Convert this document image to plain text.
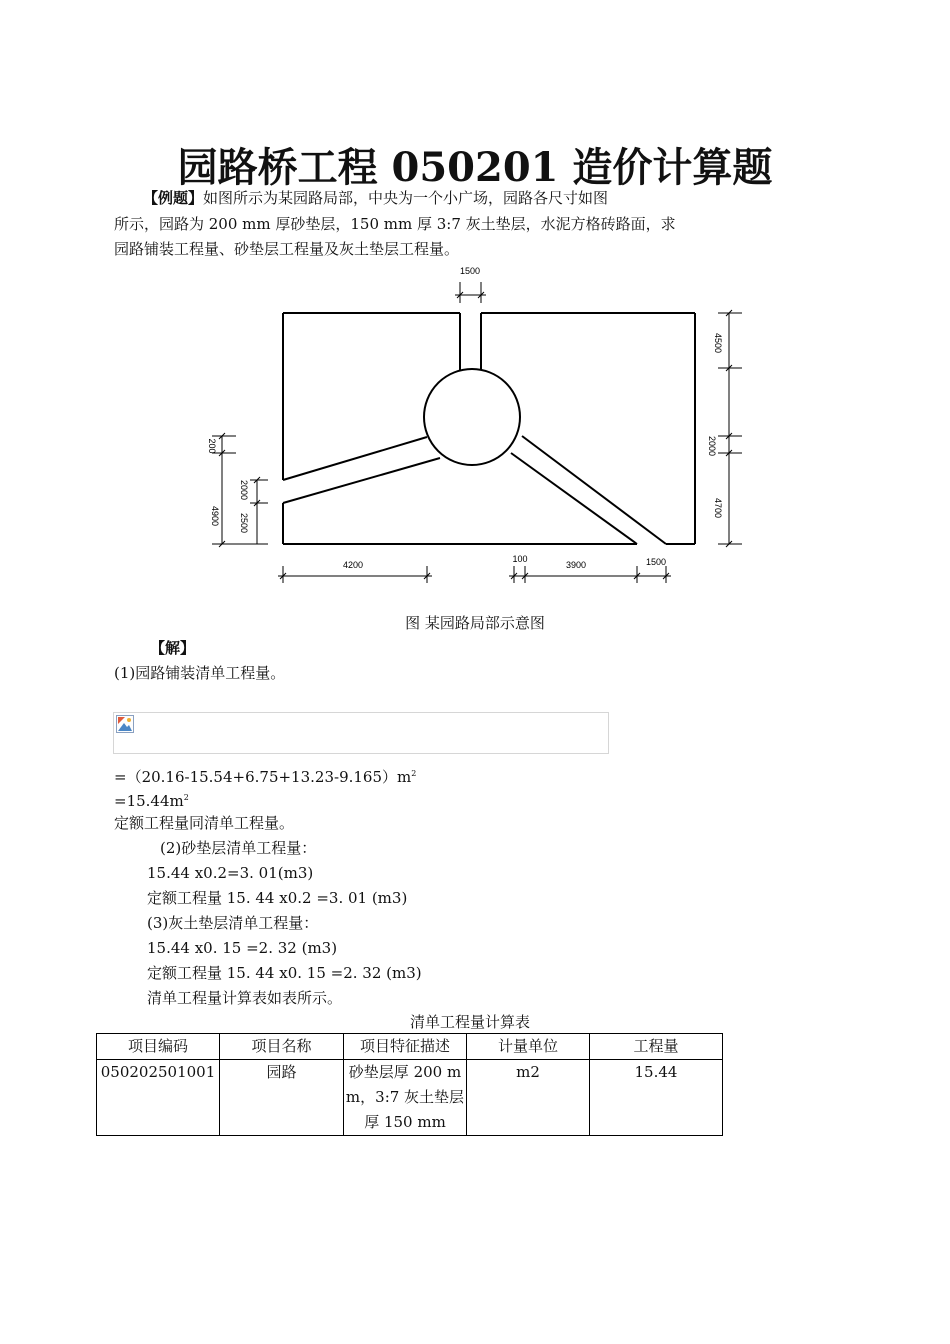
园路桥工程 050201 造价计算题
【例题】如图所示为某园路局部，中央为一个小广场，园路各尺寸如图
所示，园路为 200 mm 厚砂垫层，150 mm 厚 3:7 灰土垫层，水泥方格砖路面，求
园路铺装工程量、砂垫层工程量及灰土垫层工程量。
1500
4500
2000
4700
200
2000
2500
4900
4200
100
3900	1500
图 某园路局部示意图
【解】
(1)园路铺装清单工程量。
$=(20.16-15.54+6.75+13.23-9.165)m^2$
$=15.44m^2$
定额工程量同清单工程量。
(2)砂垫层清单工程量：
15.44 x0.2=3. 01(m3)
定额工程量 15. 44 x0.2 =3. 01 (m3)
(3)灰土垫层清单工程量：
15.44 x0. 15 =2. 32 (m3)
定额工程量 15. 44 x0. 15 =2. 32 (m3)
清单工程量计算表如表所示。
清单工程量计算表
项目编码	项目名称	项目特征描述	计量单位	工程量
050202501001	园路	砂垫层厚 200 mm，3:7 灰土垫层厚 150 mm	m2	15.44
